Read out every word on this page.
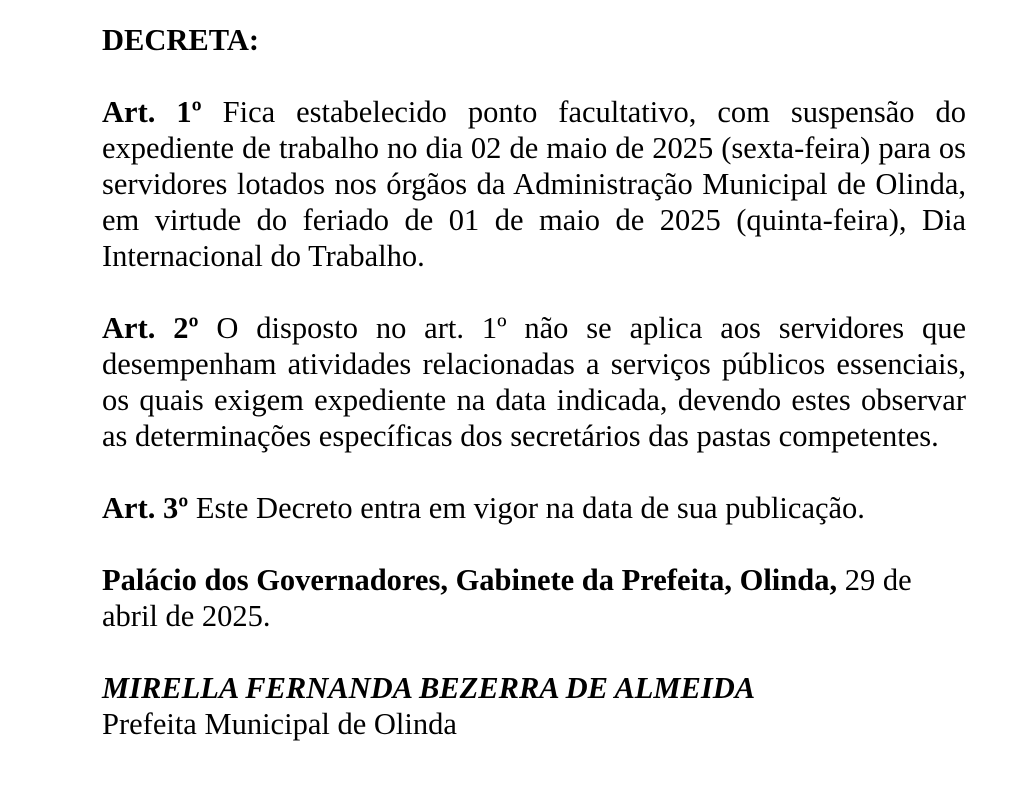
DECRETA:

Art. 1º Fica estabelecido ponto facultativo, com suspensão do expediente de trabalho no dia 02 de maio de 2025 (sexta-feira) para os servidores lotados nos órgãos da Administração Municipal de Olinda, em virtude do feriado de 01 de maio de 2025 (quinta-feira), Dia Internacional do Trabalho.

Art. 2º O disposto no art. 1º não se aplica aos servidores que desempenham atividades relacionadas a serviços públicos essenciais, os quais exigem expediente na data indicada, devendo estes observar as determinações específicas dos secretários das pastas competentes.

Art. 3º Este Decreto entra em vigor na data de sua publicação.

Palácio dos Governadores, Gabinete da Prefeita, Olinda, 29 de abril de 2025.

MIRELLA FERNANDA BEZERRA DE ALMEIDA
Prefeita Municipal de Olinda
